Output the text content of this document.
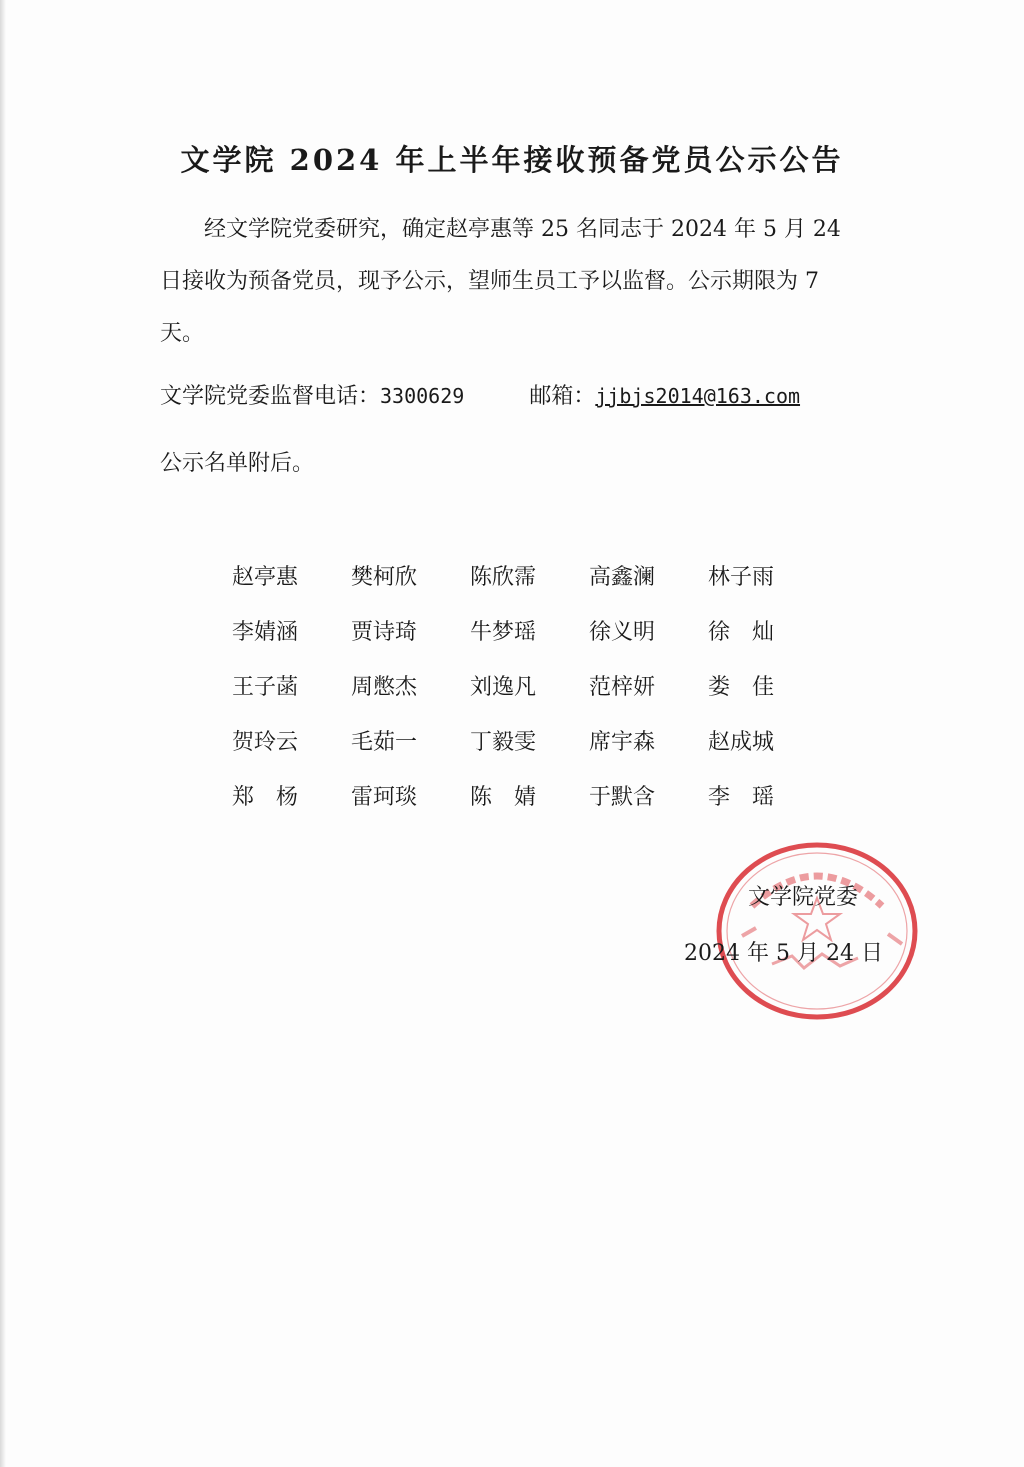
文学院 2024 年上半年接收预备党员公示公告
经文学院党委研究，确定赵亭惠等 25 名同志于 2024 年 5 月 24 日接收为预备党员，现予公示，望师生员工予以监督。公示期限为 7 天。
文学院党委监督电话：3300629	邮箱：jjbjs2014@163.com
公示名单附后。
赵亭惠	樊柯欣	陈欣霈	高鑫澜	林子雨
李婧涵	贾诗琦	牛梦瑶	徐义明	徐　灿
王子菡	周憋杰	刘逸凡	范梓妍	娄　佳
贺玲云	毛茹一	丁毅雯	席宇森	赵成城
郑　杨	雷珂琰	陈　婧	于默含	李　瑶
文学院党委
2024 年 5 月 24 日
